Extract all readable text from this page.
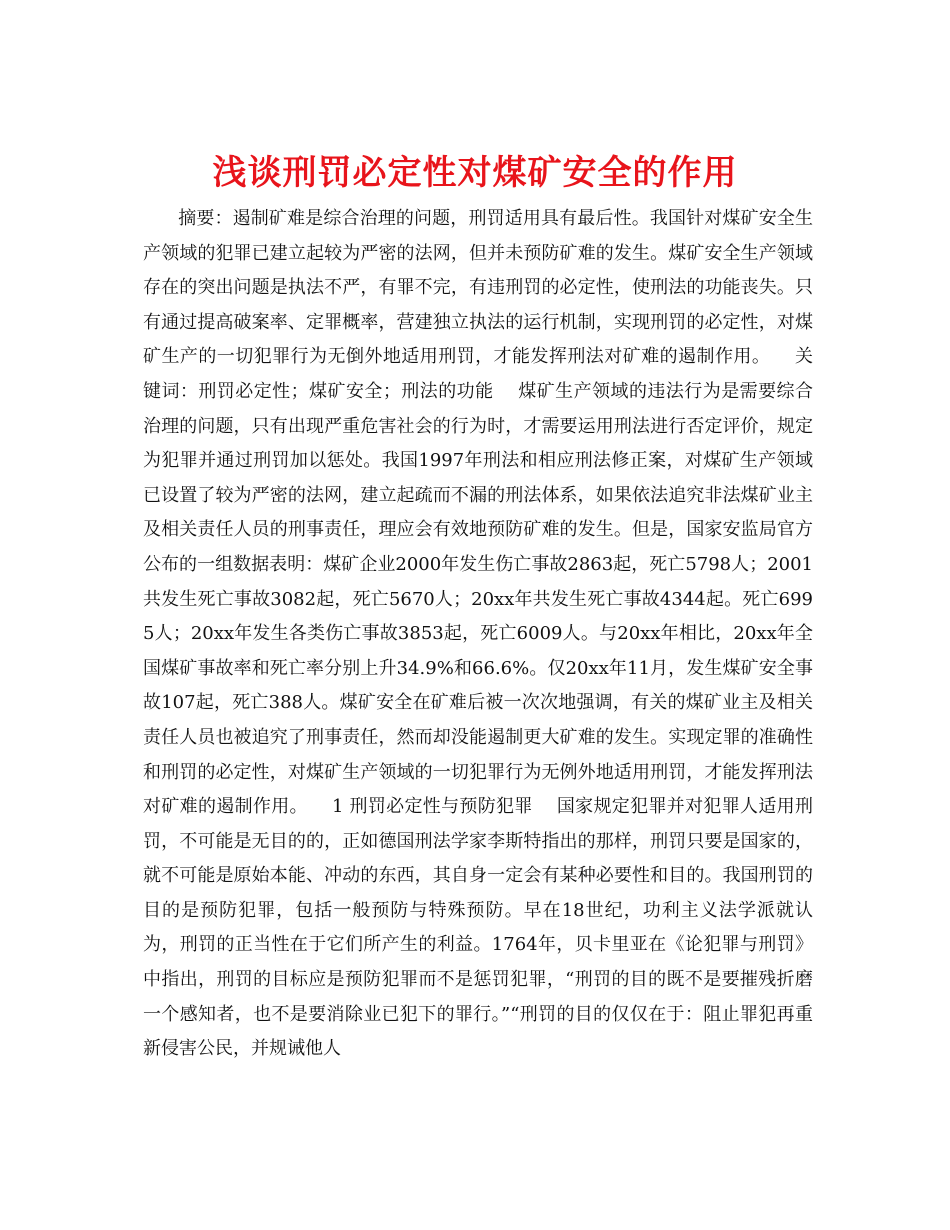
浅谈刑罚必定性对煤矿安全的作用
摘要：遏制矿难是综合治理的问题，刑罚适用具有最后性。我国针对煤矿安全生产领域的犯罪已建立起较为严密的法网，但并未预防矿难的发生。煤矿安全生产领域存在的突出问题是执法不严，有罪不完，有违刑罚的必定性，使刑法的功能丧失。只有通过提高破案率、定罪概率，营建独立执法的运行机制，实现刑罚的必定性，对煤矿生产的一切犯罪行为无倒外地适用刑罚，才能发挥刑法对矿难的遏制作用。    关键词：刑罚必定性；煤矿安全；刑法的功能    煤矿生产领域的违法行为是需要综合治理的问题，只有出现严重危害社会的行为时，才需要运用刑法进行否定评价，规定为犯罪并通过刑罚加以惩处。我国1997年刑法和相应刑法修正案，对煤矿生产领域已设置了较为严密的法网，建立起疏而不漏的刑法体系，如果依法追究非法煤矿业主及相关责任人员的刑事责任，理应会有效地预防矿难的发生。但是，国家安监局官方公布的一组数据表明：煤矿企业2000年发生伤亡事故2863起，死亡5798人；2001共发生死亡事故3082起，死亡5670人；20xx年共发生死亡事故4344起。死亡6995人；20xx年发生各类伤亡事故3853起，死亡6009人。与20xx年相比，20xx年全国煤矿事故率和死亡率分别上升34.9%和66.6%。仅20xx年11月，发生煤矿安全事故107起，死亡388人。煤矿安全在矿难后被一次次地强调，有关的煤矿业主及相关责任人员也被追究了刑事责任，然而却没能遏制更大矿难的发生。实现定罪的准确性和刑罚的必定性，对煤矿生产领域的一切犯罪行为无例外地适用刑罚，才能发挥刑法对矿难的遏制作用。    1 刑罚必定性与预防犯罪    国家规定犯罪并对犯罪人适用刑罚，不可能是无目的的，正如德国刑法学家李斯特指出的那样，刑罚只要是国家的，就不可能是原始本能、冲动的东西，其自身一定会有某种必要性和目的。我国刑罚的目的是预防犯罪，包括一般预防与特殊预防。早在18世纪，功利主义法学派就认为，刑罚的正当性在于它们所产生的利益。1764年，贝卡里亚在《论犯罪与刑罚》中指出，刑罚的目标应是预防犯罪而不是惩罚犯罪，“刑罚的目的既不是要摧残折磨一个感知者，也不是要消除业已犯下的罪行。”“刑罚的目的仅仅在于：阻止罪犯再重新侵害公民，并规诫他人
